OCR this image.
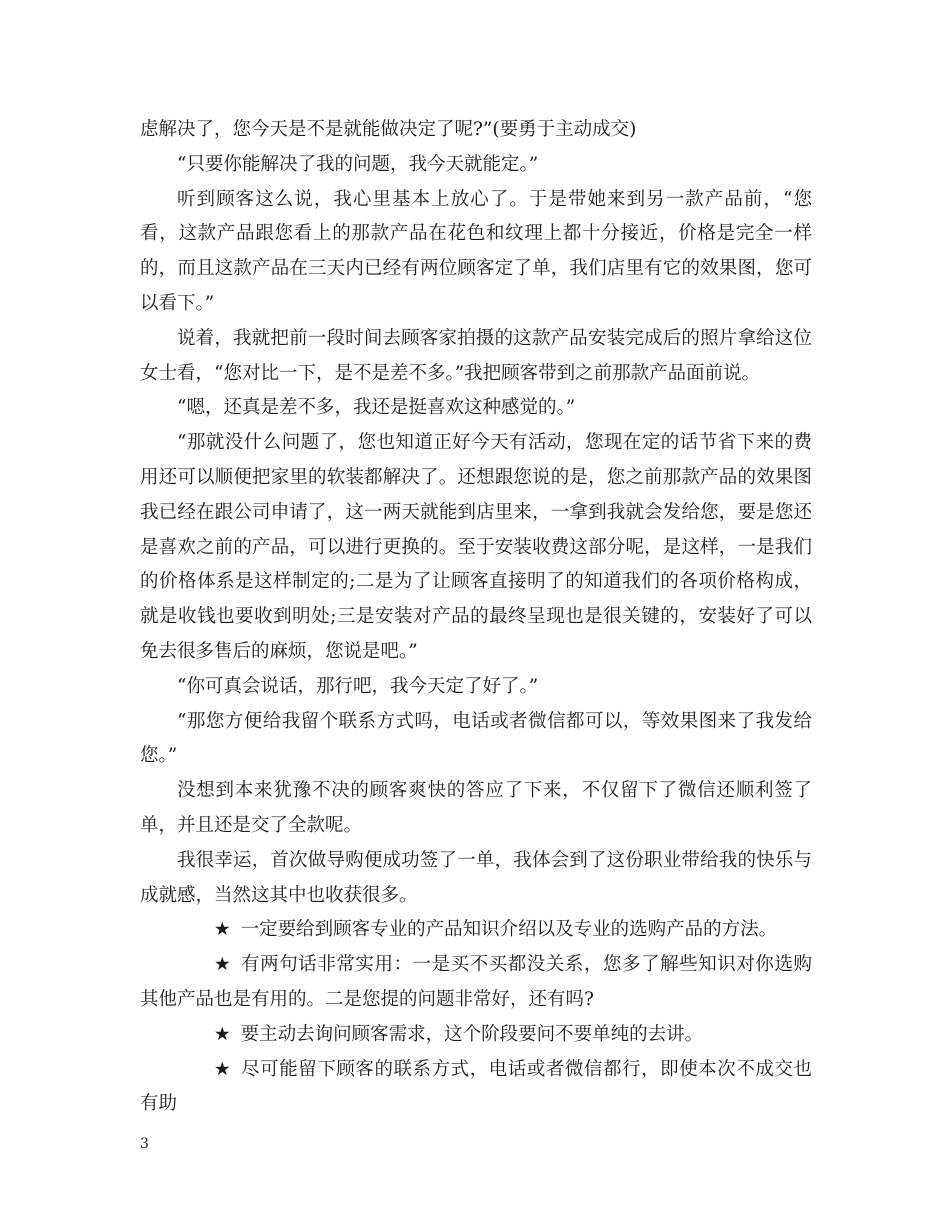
虑解决了，您今天是不是就能做决定了呢?”(要勇于主动成交)

“只要你能解决了我的问题，我今天就能定。”

听到顾客这么说，我心里基本上放心了。于是带她来到另一款产品前，“您看，这款产品跟您看上的那款产品在花色和纹理上都十分接近，价格是完全一样的，而且这款产品在三天内已经有两位顾客定了单，我们店里有它的效果图，您可以看下。”

说着，我就把前一段时间去顾客家拍摄的这款产品安装完成后的照片拿给这位女士看，“您对比一下，是不是差不多。”我把顾客带到之前那款产品面前说。

“嗯，还真是差不多，我还是挺喜欢这种感觉的。”

“那就没什么问题了，您也知道正好今天有活动，您现在定的话节省下来的费用还可以顺便把家里的软装都解决了。还想跟您说的是，您之前那款产品的效果图我已经在跟公司申请了，这一两天就能到店里来，一拿到我就会发给您，要是您还是喜欢之前的产品，可以进行更换的。至于安装收费这部分呢，是这样，一是我们的价格体系是这样制定的;二是为了让顾客直接明了的知道我们的各项价格构成，就是收钱也要收到明处;三是安装对产品的最终呈现也是很关键的，安装好了可以免去很多售后的麻烦，您说是吧。”

“你可真会说话，那行吧，我今天定了好了。”

“那您方便给我留个联系方式吗，电话或者微信都可以，等效果图来了我发给您。”

没想到本来犹豫不决的顾客爽快的答应了下来，不仅留下了微信还顺利签了单，并且还是交了全款呢。

我很幸运，首次做导购便成功签了一单，我体会到了这份职业带给我的快乐与成就感，当然这其中也收获很多。

★ 一定要给到顾客专业的产品知识介绍以及专业的选购产品的方法。

★ 有两句话非常实用：一是买不买都没关系，您多了解些知识对你选购其他产品也是有用的。二是您提的问题非常好，还有吗?

★ 要主动去询问顾客需求，这个阶段要问不要单纯的去讲。

★ 尽可能留下顾客的联系方式，电话或者微信都行，即使本次不成交也有助

3
